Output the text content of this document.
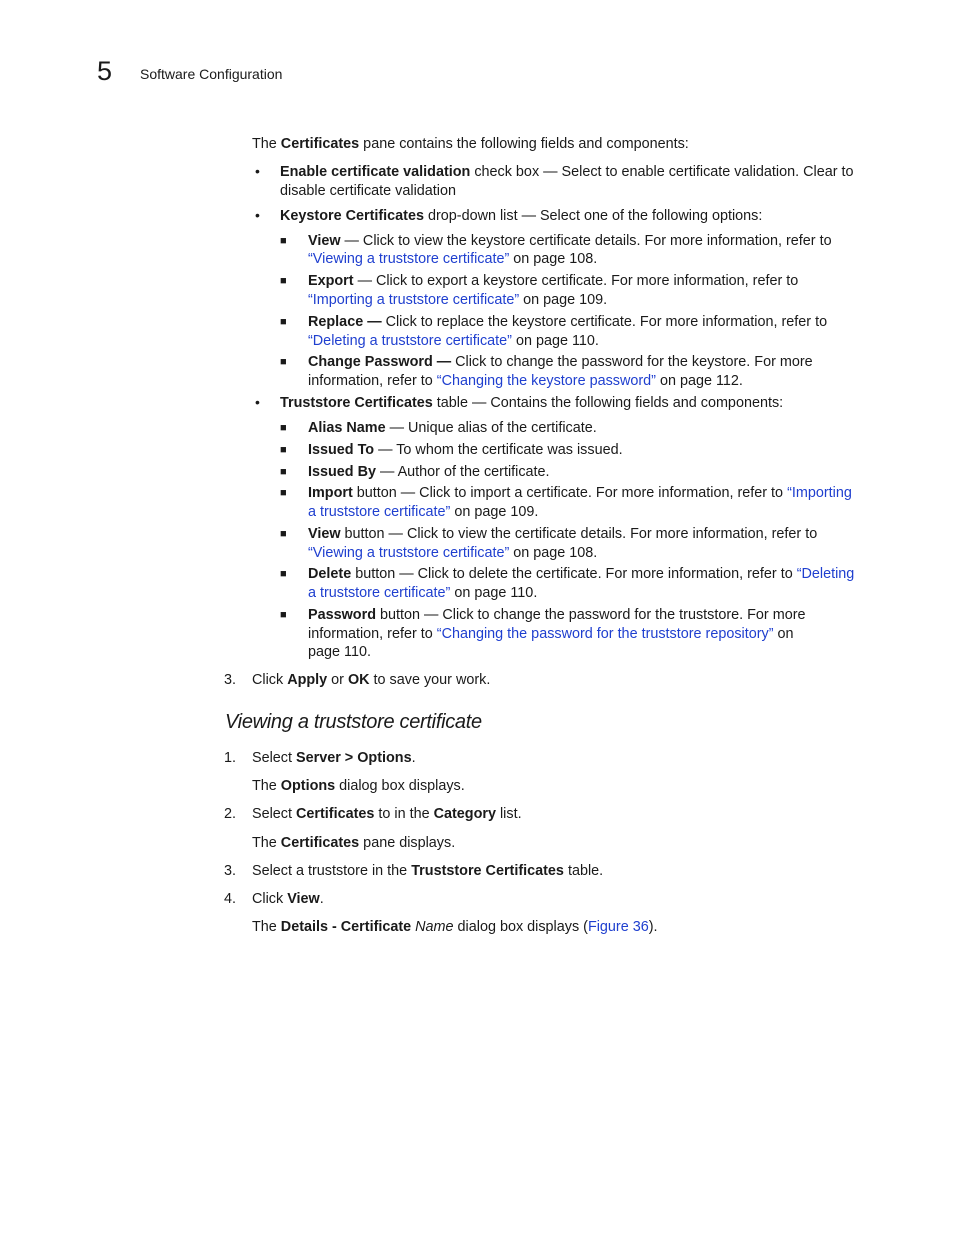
5 Software Configuration
The Certificates pane contains the following fields and components:
• Enable certificate validation check box — Select to enable certificate validation. Clear to
disable certificate validation
• Keystore Certificates drop-down list — Select one of the following options:
■ View — Click to view the keystore certificate details. For more information, refer to
“Viewing a truststore certificate” on page 108.
■ Export — Click to export a keystore certificate. For more information, refer to
“Importing a truststore certificate” on page 109.
■ Replace — Click to replace the keystore certificate. For more information, refer to
“Deleting a truststore certificate” on page 110.
■ Change Password — Click to change the password for the keystore. For more
information, refer to “Changing the keystore password” on page 112.
• Truststore Certificates table — Contains the following fields and components:
■ Alias Name — Unique alias of the certificate.
■ Issued To — To whom the certificate was issued.
■ Issued By — Author of the certificate.
■ Import button — Click to import a certificate. For more information, refer to “Importing
a truststore certificate” on page 109.
■ View button — Click to view the certificate details. For more information, refer to
“Viewing a truststore certificate” on page 108.
■ Delete button — Click to delete the certificate. For more information, refer to “Deleting
a truststore certificate” on page 110.
■ Password button — Click to change the password for the truststore. For more
information, refer to “Changing the password for the truststore repository” on
page 110.
3. Click Apply or OK to save your work.
Viewing a truststore certificate
1. Select Server > Options.
The Options dialog box displays.
2. Select Certificates to in the Category list.
The Certificates pane displays.
3. Select a truststore in the Truststore Certificates table.
4. Click View.
The Details - Certificate Name dialog box displays (Figure 36).
